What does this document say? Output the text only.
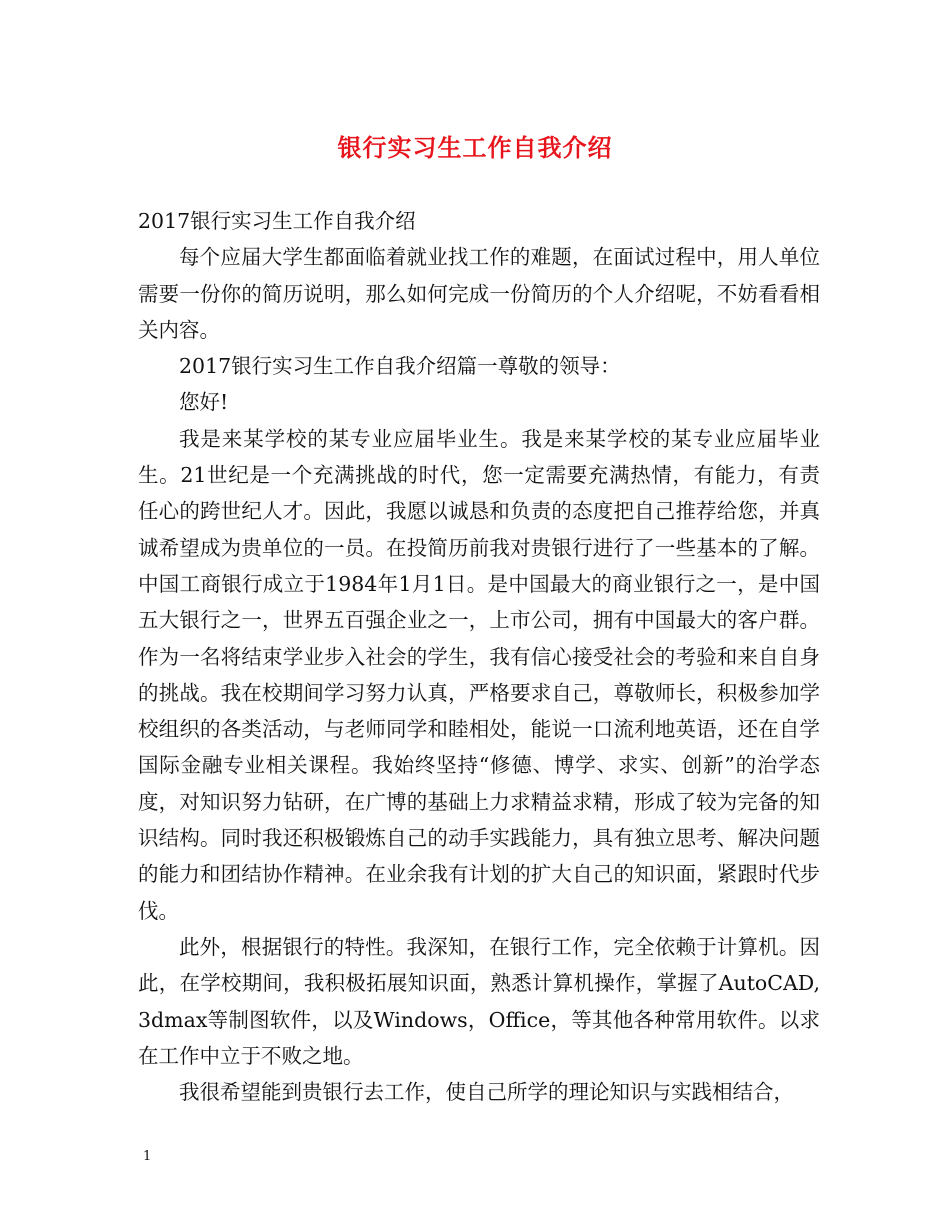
银行实习生工作自我介绍

2017银行实习生工作自我介绍

每个应届大学生都面临着就业找工作的难题，在面试过程中，用人单位需要一份你的简历说明，那么如何完成一份简历的个人介绍呢，不妨看看相关内容。

2017银行实习生工作自我介绍篇一尊敬的领导：

您好!

我是来某学校的某专业应届毕业生。我是来某学校的某专业应届毕业生。21世纪是一个充满挑战的时代，您一定需要充满热情，有能力，有责任心的跨世纪人才。因此，我愿以诚恳和负责的态度把自己推荐给您，并真诚希望成为贵单位的一员。在投简历前我对贵银行进行了一些基本的了解。中国工商银行成立于1984年1月1日。是中国最大的商业银行之一，是中国五大银行之一，世界五百强企业之一，上市公司，拥有中国最大的客户群。作为一名将结束学业步入社会的学生，我有信心接受社会的考验和来自自身的挑战。我在校期间学习努力认真，严格要求自己，尊敬师长，积极参加学校组织的各类活动，与老师同学和睦相处，能说一口流利地英语，还在自学国际金融专业相关课程。我始终坚持“修德、博学、求实、创新”的治学态度，对知识努力钻研，在广博的基础上力求精益求精，形成了较为完备的知识结构。同时我还积极锻炼自己的动手实践能力，具有独立思考、解决问题的能力和团结协作精神。在业余我有计划的扩大自己的知识面，紧跟时代步伐。

此外，根据银行的特性。我深知，在银行工作，完全依赖于计算机。因此，在学校期间，我积极拓展知识面，熟悉计算机操作，掌握了AutoCAD, 3dmax等制图软件，以及Windows，Office，等其他各种常用软件。以求在工作中立于不败之地。

我很希望能到贵银行去工作，使自己所学的理论知识与实践相结合，

1
